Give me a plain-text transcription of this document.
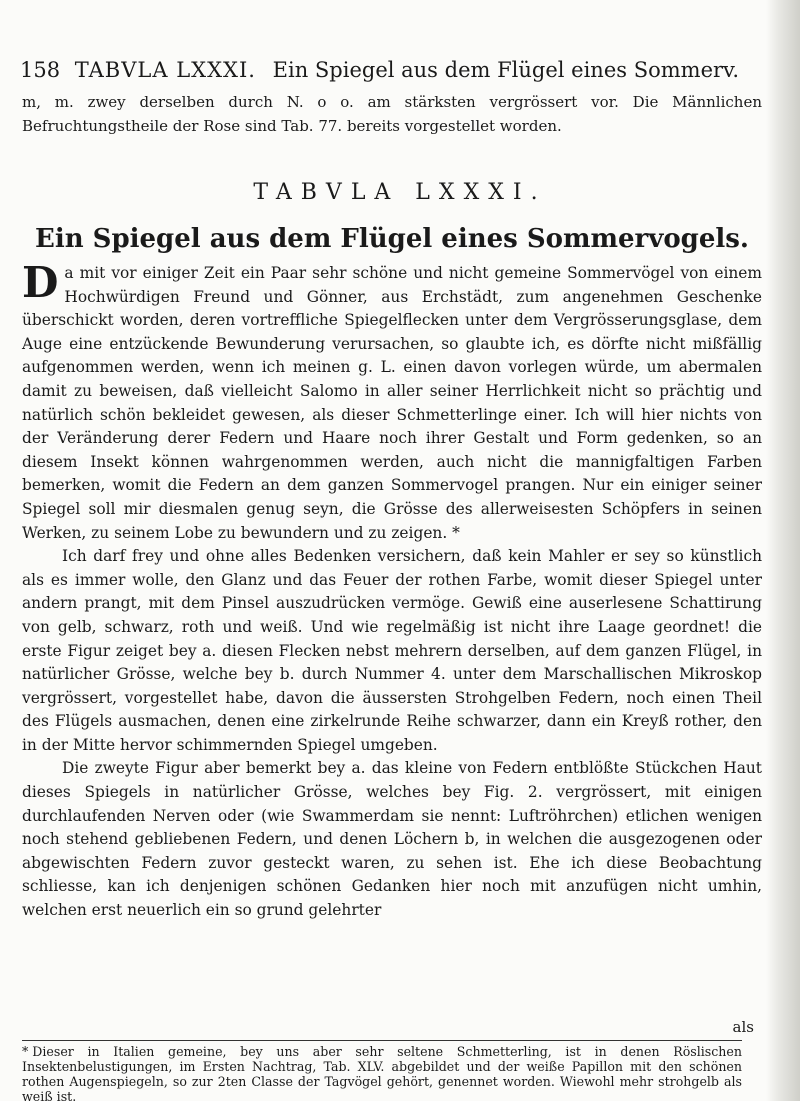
158 TABVLA LXXXI. Ein Spiegel aus dem Flügel eines Sommerv.
m, m. zwey derselben durch N. o o. am stärksten vergrössert vor. Die Männlichen Befruchtungstheile der Rose sind Tab. 77. bereits vorgestellet worden.
TABVLA LXXXI.
Ein Spiegel aus dem Flügel eines Sommervogels.

Da mit vor einiger Zeit ein Paar sehr schöne und nicht gemeine Sommervögel von einem Hochwürdigen Freund und Gönner, aus Erchstädt, zum angenehmen Geschenke überschickt worden, deren vortreffliche Spiegelflecken unter dem Vergrösserungsglase, dem Auge eine entzückende Bewunderung verursachen, so glaubte ich, es dörfte nicht mißfällig aufgenommen werden, wenn ich meinen g. L. einen davon vorlegen würde, um abermalen damit zu beweisen, daß vielleicht Salomo in aller seiner Herrlichkeit nicht so prächtig und natürlich schön bekleidet gewesen, als dieser Schmetterlinge einer. Ich will hier nichts von der Veränderung derer Federn und Haare noch ihrer Gestalt und Form gedenken, so an diesem Insekt können wahrgenommen werden, auch nicht die mannigfaltigen Farben bemerken, womit die Federn an dem ganzen Sommervogel prangen. Nur ein einiger seiner Spiegel soll mir diesmalen genug seyn, die Grösse des allerweisesten Schöpfers in seinen Werken, zu seinem Lobe zu bewundern und zu zeigen. *

Ich darf frey und ohne alles Bedenken versichern, daß kein Mahler er sey so künstlich als es immer wolle, den Glanz und das Feuer der rothen Farbe, womit dieser Spiegel unter andern prangt, mit dem Pinsel auszudrücken vermöge. Gewiß eine auserlesene Schattirung von gelb, schwarz, roth und weiß. Und wie regelmäßig ist nicht ihre Laage geordnet! die erste Figur zeiget bey a. diesen Flecken nebst mehrern derselben, auf dem ganzen Flügel, in natürlicher Grösse, welche bey b. durch Nummer 4. unter dem Marschallischen Mikroskop vergrössert, vorgestellet habe, davon die äussersten Strohgelben Federn, noch einen Theil des Flügels ausmachen, denen eine zirkelrunde Reihe schwarzer, dann ein Kreyß rother, den in der Mitte hervor schimmernden Spiegel umgeben.

Die zweyte Figur aber bemerkt bey a. das kleine von Federn entblößte Stückchen Haut dieses Spiegels in natürlicher Grösse, welches bey Fig. 2. vergrössert, mit einigen durchlaufenden Nerven oder (wie Swammerdam sie nennt: Luftröhrchen) etlichen wenigen noch stehend gebliebenen Federn, und denen Löchern b, in welchen die ausgezogenen oder abgewischten Federn zuvor gesteckt waren, zu sehen ist. Ehe ich diese Beobachtung schliesse, kan ich denjenigen schönen Gedanken hier noch mit anzufügen nicht umhin, welchen erst neuerlich ein so grund gelehrter

als
* Dieser in Italien gemeine, bey uns aber sehr seltene Schmetterling, ist in denen Röslischen Insektenbelustigungen, im Ersten Nachtrag, Tab. XLV. abgebildet und der weiße Papillon mit den schönen rothen Augenspiegeln, so zur 2ten Classe der Tagvögel gehört, genennet worden. Wiewohl mehr strohgelb als weiß ist.
